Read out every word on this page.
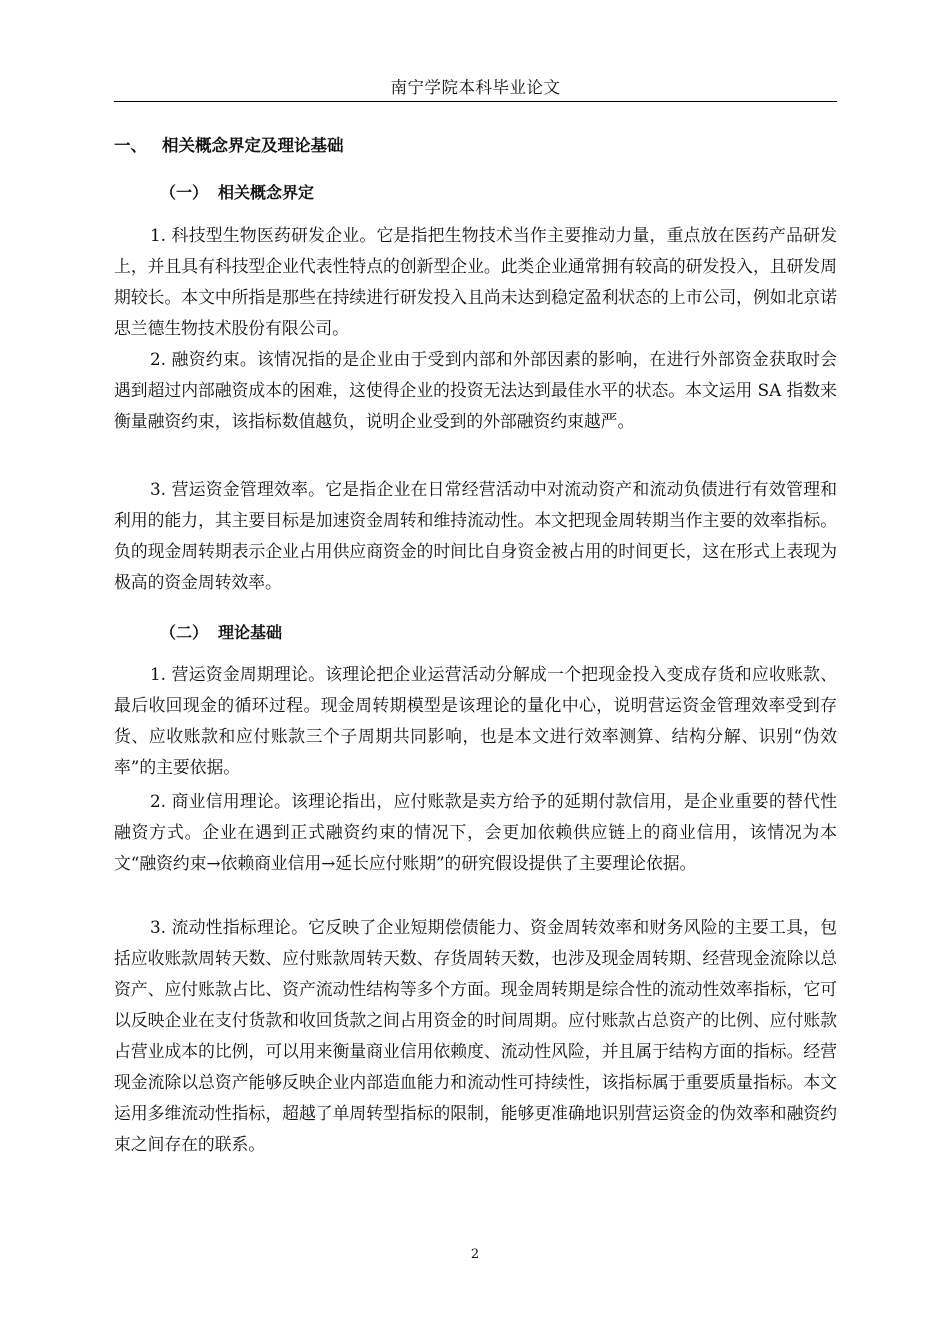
南宁学院本科毕业论文
一、 相关概念界定及理论基础
（一） 相关概念界定

1. 科技型生物医药研发企业。它是指把生物技术当作主要推动力量，重点放在医药产品研发上，并且具有科技型企业代表性特点的创新型企业。此类企业通常拥有较高的研发投入，且研发周期较长。本文中所指是那些在持续进行研发投入且尚未达到稳定盈利状态的上市公司，例如北京诺思兰德生物技术股份有限公司。

2. 融资约束。该情况指的是企业由于受到内部和外部因素的影响，在进行外部资金获取时会遇到超过内部融资成本的困难，这使得企业的投资无法达到最佳水平的状态。本文运用 SA 指数来衡量融资约束，该指标数值越负，说明企业受到的外部融资约束越严。

3. 营运资金管理效率。它是指企业在日常经营活动中对流动资产和流动负债进行有效管理和利用的能力，其主要目标是加速资金周转和维持流动性。本文把现金周转期当作主要的效率指标。负的现金周转期表示企业占用供应商资金的时间比自身资金被占用的时间更长，这在形式上表现为极高的资金周转效率。

（二） 理论基础

1. 营运资金周期理论。该理论把企业运营活动分解成一个把现金投入变成存货和应收账款、最后收回现金的循环过程。现金周转期模型是该理论的量化中心，说明营运资金管理效率受到存货、应收账款和应付账款三个子周期共同影响，也是本文进行效率测算、结构分解、识别“伪效率”的主要依据。

2. 商业信用理论。该理论指出，应付账款是卖方给予的延期付款信用，是企业重要的替代性融资方式。企业在遇到正式融资约束的情况下，会更加依赖供应链上的商业信用，该情况为本文“融资约束→依赖商业信用→延长应付账期”的研究假设提供了主要理论依据。

3. 流动性指标理论。它反映了企业短期偿债能力、资金周转效率和财务风险的主要工具，包括应收账款周转天数、应付账款周转天数、存货周转天数，也涉及现金周转期、经营现金流除以总资产、应付账款占比、资产流动性结构等多个方面。现金周转期是综合性的流动性效率指标，它可以反映企业在支付货款和收回货款之间占用资金的时间周期。应付账款占总资产的比例、应付账款占营业成本的比例，可以用来衡量商业信用依赖度、流动性风险，并且属于结构方面的指标。经营现金流除以总资产能够反映企业内部造血能力和流动性可持续性，该指标属于重要质量指标。本文运用多维流动性指标，超越了单周转型指标的限制，能够更准确地识别营运资金的伪效率和融资约束之间存在的联系。

2
